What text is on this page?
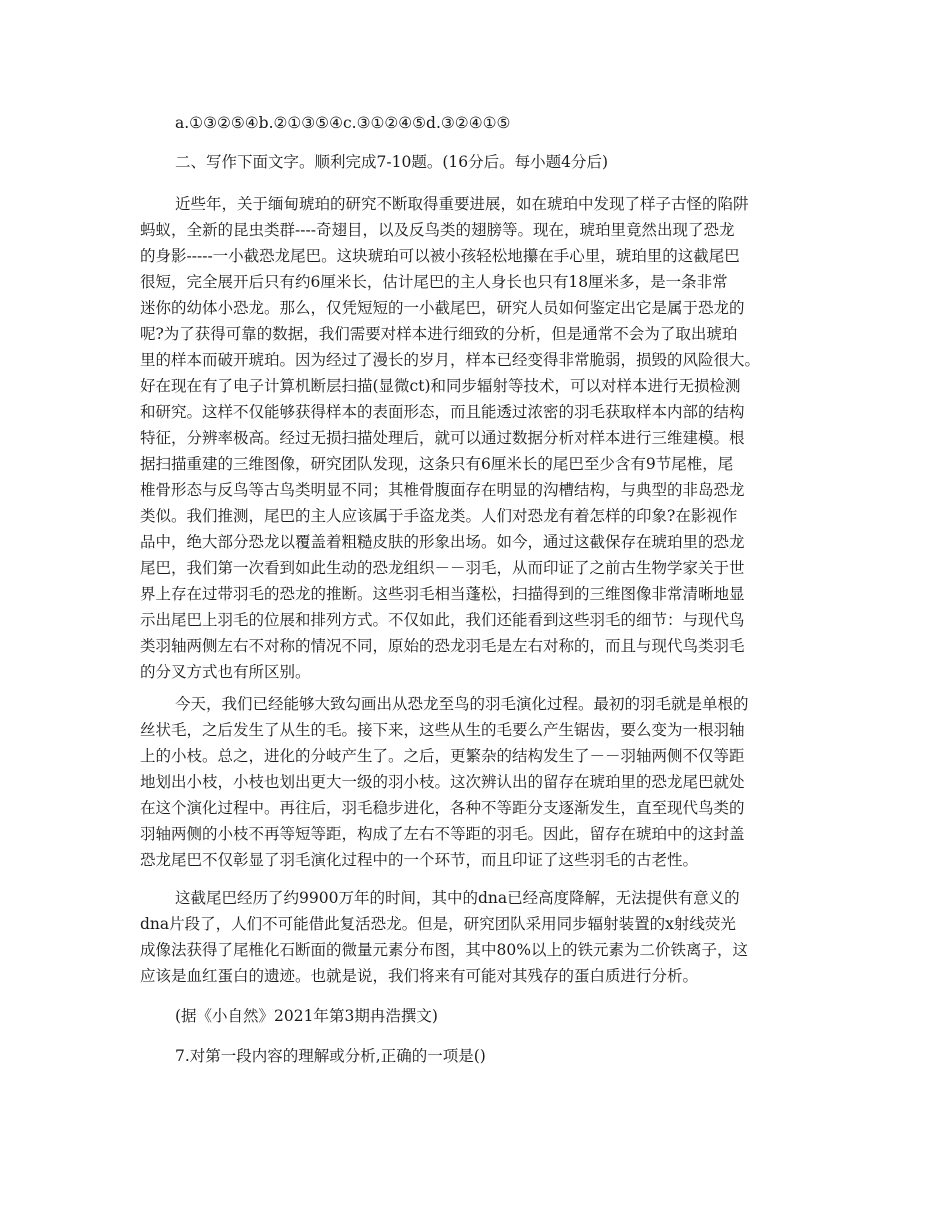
a.①③②⑤④b.②①③⑤④c.③①②④⑤d.③②④①⑤
二、写作下面文字。顺利完成7-10题。(16分后。每小题4分后)
近些年，关于缅甸琥珀的研究不断取得重要进展，如在琥珀中发现了样子古怪的陷阱
蚂蚁，全新的昆虫类群----奇翅目，以及反鸟类的翅膀等。现在，琥珀里竟然出现了恐龙
的身影-----一小截恐龙尾巴。这块琥珀可以被小孩轻松地攥在手心里，琥珀里的这截尾巴
很短，完全展开后只有约6厘米长，估计尾巴的主人身长也只有18厘米多，是一条非常
迷你的幼体小恐龙。那么，仅凭短短的一小截尾巴，研究人员如何鉴定出它是属于恐龙的
呢?为了获得可靠的数据，我们需要对样本进行细致的分析，但是通常不会为了取出琥珀
里的样本而破开琥珀。因为经过了漫长的岁月，样本已经变得非常脆弱，损毁的风险很大。
好在现在有了电子计算机断层扫描(显微ct)和同步辐射等技术，可以对样本进行无损检测
和研究。这样不仅能够获得样本的表面形态，而且能透过浓密的羽毛获取样本内部的结构
特征，分辨率极高。经过无损扫描处理后，就可以通过数据分析对样本进行三维建模。根
据扫描重建的三维图像，研究团队发现，这条只有6厘米长的尾巴至少含有9节尾椎，尾
椎骨形态与反鸟等古鸟类明显不同；其椎骨腹面存在明显的沟槽结构，与典型的非岛恐龙
类似。我们推测，尾巴的主人应该属于手盗龙类。人们对恐龙有着怎样的印象?在影视作
品中，绝大部分恐龙以覆盖着粗糙皮肤的形象出场。如今，通过这截保存在琥珀里的恐龙
尾巴，我们第一次看到如此生动的恐龙组织－－羽毛，从而印证了之前古生物学家关于世
界上存在过带羽毛的恐龙的推断。这些羽毛相当蓬松，扫描得到的三维图像非常清晰地显
示出尾巴上羽毛的位展和排列方式。不仅如此，我们还能看到这些羽毛的细节：与现代鸟
类羽轴两侧左右不对称的情况不同，原始的恐龙羽毛是左右对称的，而且与现代鸟类羽毛
的分叉方式也有所区别。
今天，我们已经能够大致勾画出从恐龙至鸟的羽毛演化过程。最初的羽毛就是单根的
丝状毛，之后发生了从生的毛。接下来，这些从生的毛要么产生锯齿，要么变为一根羽轴
上的小枝。总之，进化的分岐产生了。之后，更繁杂的结构发生了－－羽轴两侧不仅等距
地划出小枝，小枝也划出更大一级的羽小枝。这次辨认出的留存在琥珀里的恐龙尾巴就处
在这个演化过程中。再往后，羽毛稳步进化，各种不等距分支逐渐发生，直至现代鸟类的
羽轴两侧的小枝不再等短等距，构成了左右不等距的羽毛。因此，留存在琥珀中的这封盖
恐龙尾巴不仅彰显了羽毛演化过程中的一个环节，而且印证了这些羽毛的古老性。
这截尾巴经历了约9900万年的时间，其中的dna已经高度降解，无法提供有意义的
dna片段了，人们不可能借此复活恐龙。但是，研究团队采用同步辐射装置的x射线荧光
成像法获得了尾椎化石断面的微量元素分布图，其中80%以上的铁元素为二价铁离子，这
应该是血红蛋白的遗迹。也就是说，我们将来有可能对其残存的蛋白质进行分析。
(据《小自然》2021年第3期冉浩撰文)
7.对第一段内容的理解或分析,正确的一项是()
